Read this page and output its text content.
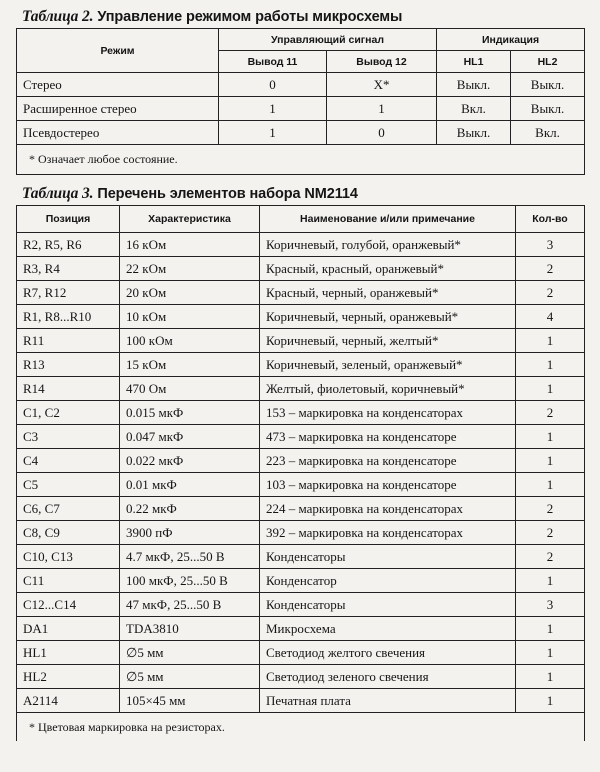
Таблица 2. Управление режимом работы микросхемы
Режим	Управляющий сигнал		Индикация	
	Вывод 11	Вывод 12	HL1	HL2
Стерео	0	X*	Выкл.	Выкл.
Расширенное стерео	1	1	Вкл.	Выкл.
Псевдостерео	1	0	Выкл.	Вкл.
* Означает любое состояние.				
Таблица 3. Перечень элементов набора NM2114
Позиция	Характеристика	Наименование и/или примечание	Кол-во
R2, R5, R6	16 кОм	Коричневый, голубой, оранжевый*	3
R3, R4	22 кОм	Красный, красный, оранжевый*	2
R7, R12	20 кОм	Красный, черный, оранжевый*	2
R1, R8...R10	10 кОм	Коричневый, черный, оранжевый*	4
R11	100 кОм	Коричневый, черный, желтый*	1
R13	15 кОм	Коричневый, зеленый, оранжевый*	1
R14	470 Ом	Желтый, фиолетовый, коричневый*	1
C1, C2	0.015 мкФ	153 – маркировка на конденсаторах	2
C3	0.047 мкФ	473 – маркировка на конденсаторе	1
C4	0.022 мкФ	223 – маркировка на конденсаторе	1
C5	0.01 мкФ	103 – маркировка на конденсаторе	1
C6, C7	0.22 мкФ	224 – маркировка на конденсаторах	2
C8, C9	3900 пФ	392 – маркировка на конденсаторах	2
C10, C13	4.7 мкФ, 25...50 В	Конденсаторы	2
C11	100 мкФ, 25...50 В	Конденсатор	1
C12...C14	47 мкФ, 25...50 В	Конденсаторы	3
DA1	TDA3810	Микросхема	1
HL1	∅5 мм	Светодиод желтого свечения	1
HL2	∅5 мм	Светодиод зеленого свечения	1
A2114	105×45 мм	Печатная плата	1
* Цветовая маркировка на резисторах.			
